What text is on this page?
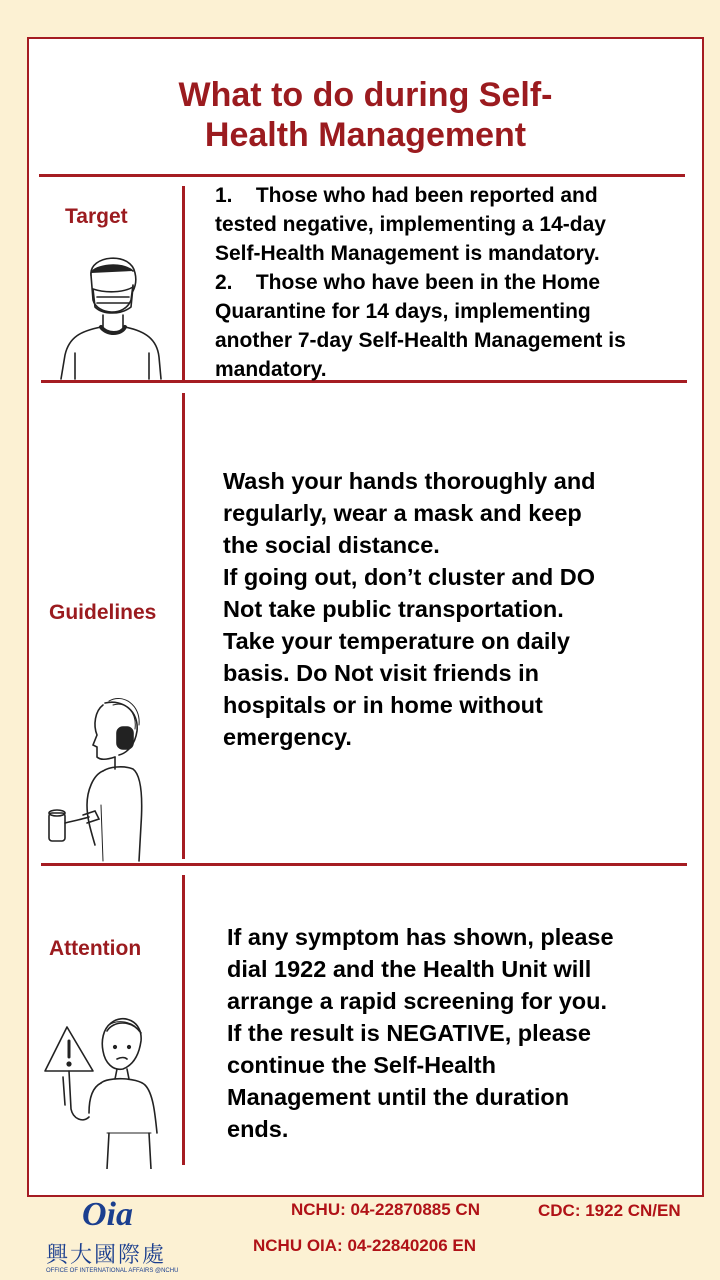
What to do during Self-
Health Management
Target
1.    Those who had been reported and
tested negative, implementing a 14-day
Self-Health Management is mandatory.
2.    Those who have been in the Home
Quarantine for 14 days, implementing
another 7-day Self-Health Management is
mandatory.
Guidelines
Wash your hands thoroughly and
regularly, wear a mask and keep
the social distance.
If going out, don’t cluster and DO
Not take public transportation.
Take your temperature on daily
basis. Do Not visit friends in
hospitals or in home without
emergency.
Attention	If any symptom has shown, please
dial 1922 and the Health Unit will
arrange a rapid screening for you.
If the result is NEGATIVE, please
continue the Self-Health
Management until the duration
ends.
Oia
興大國際處
OFFICE OF INTERNATIONAL AFFAIRS @NCHU
NCHU: 04-22870885 CN	CDC: 1922 CN/EN
NCHU OIA: 04-22840206 EN
